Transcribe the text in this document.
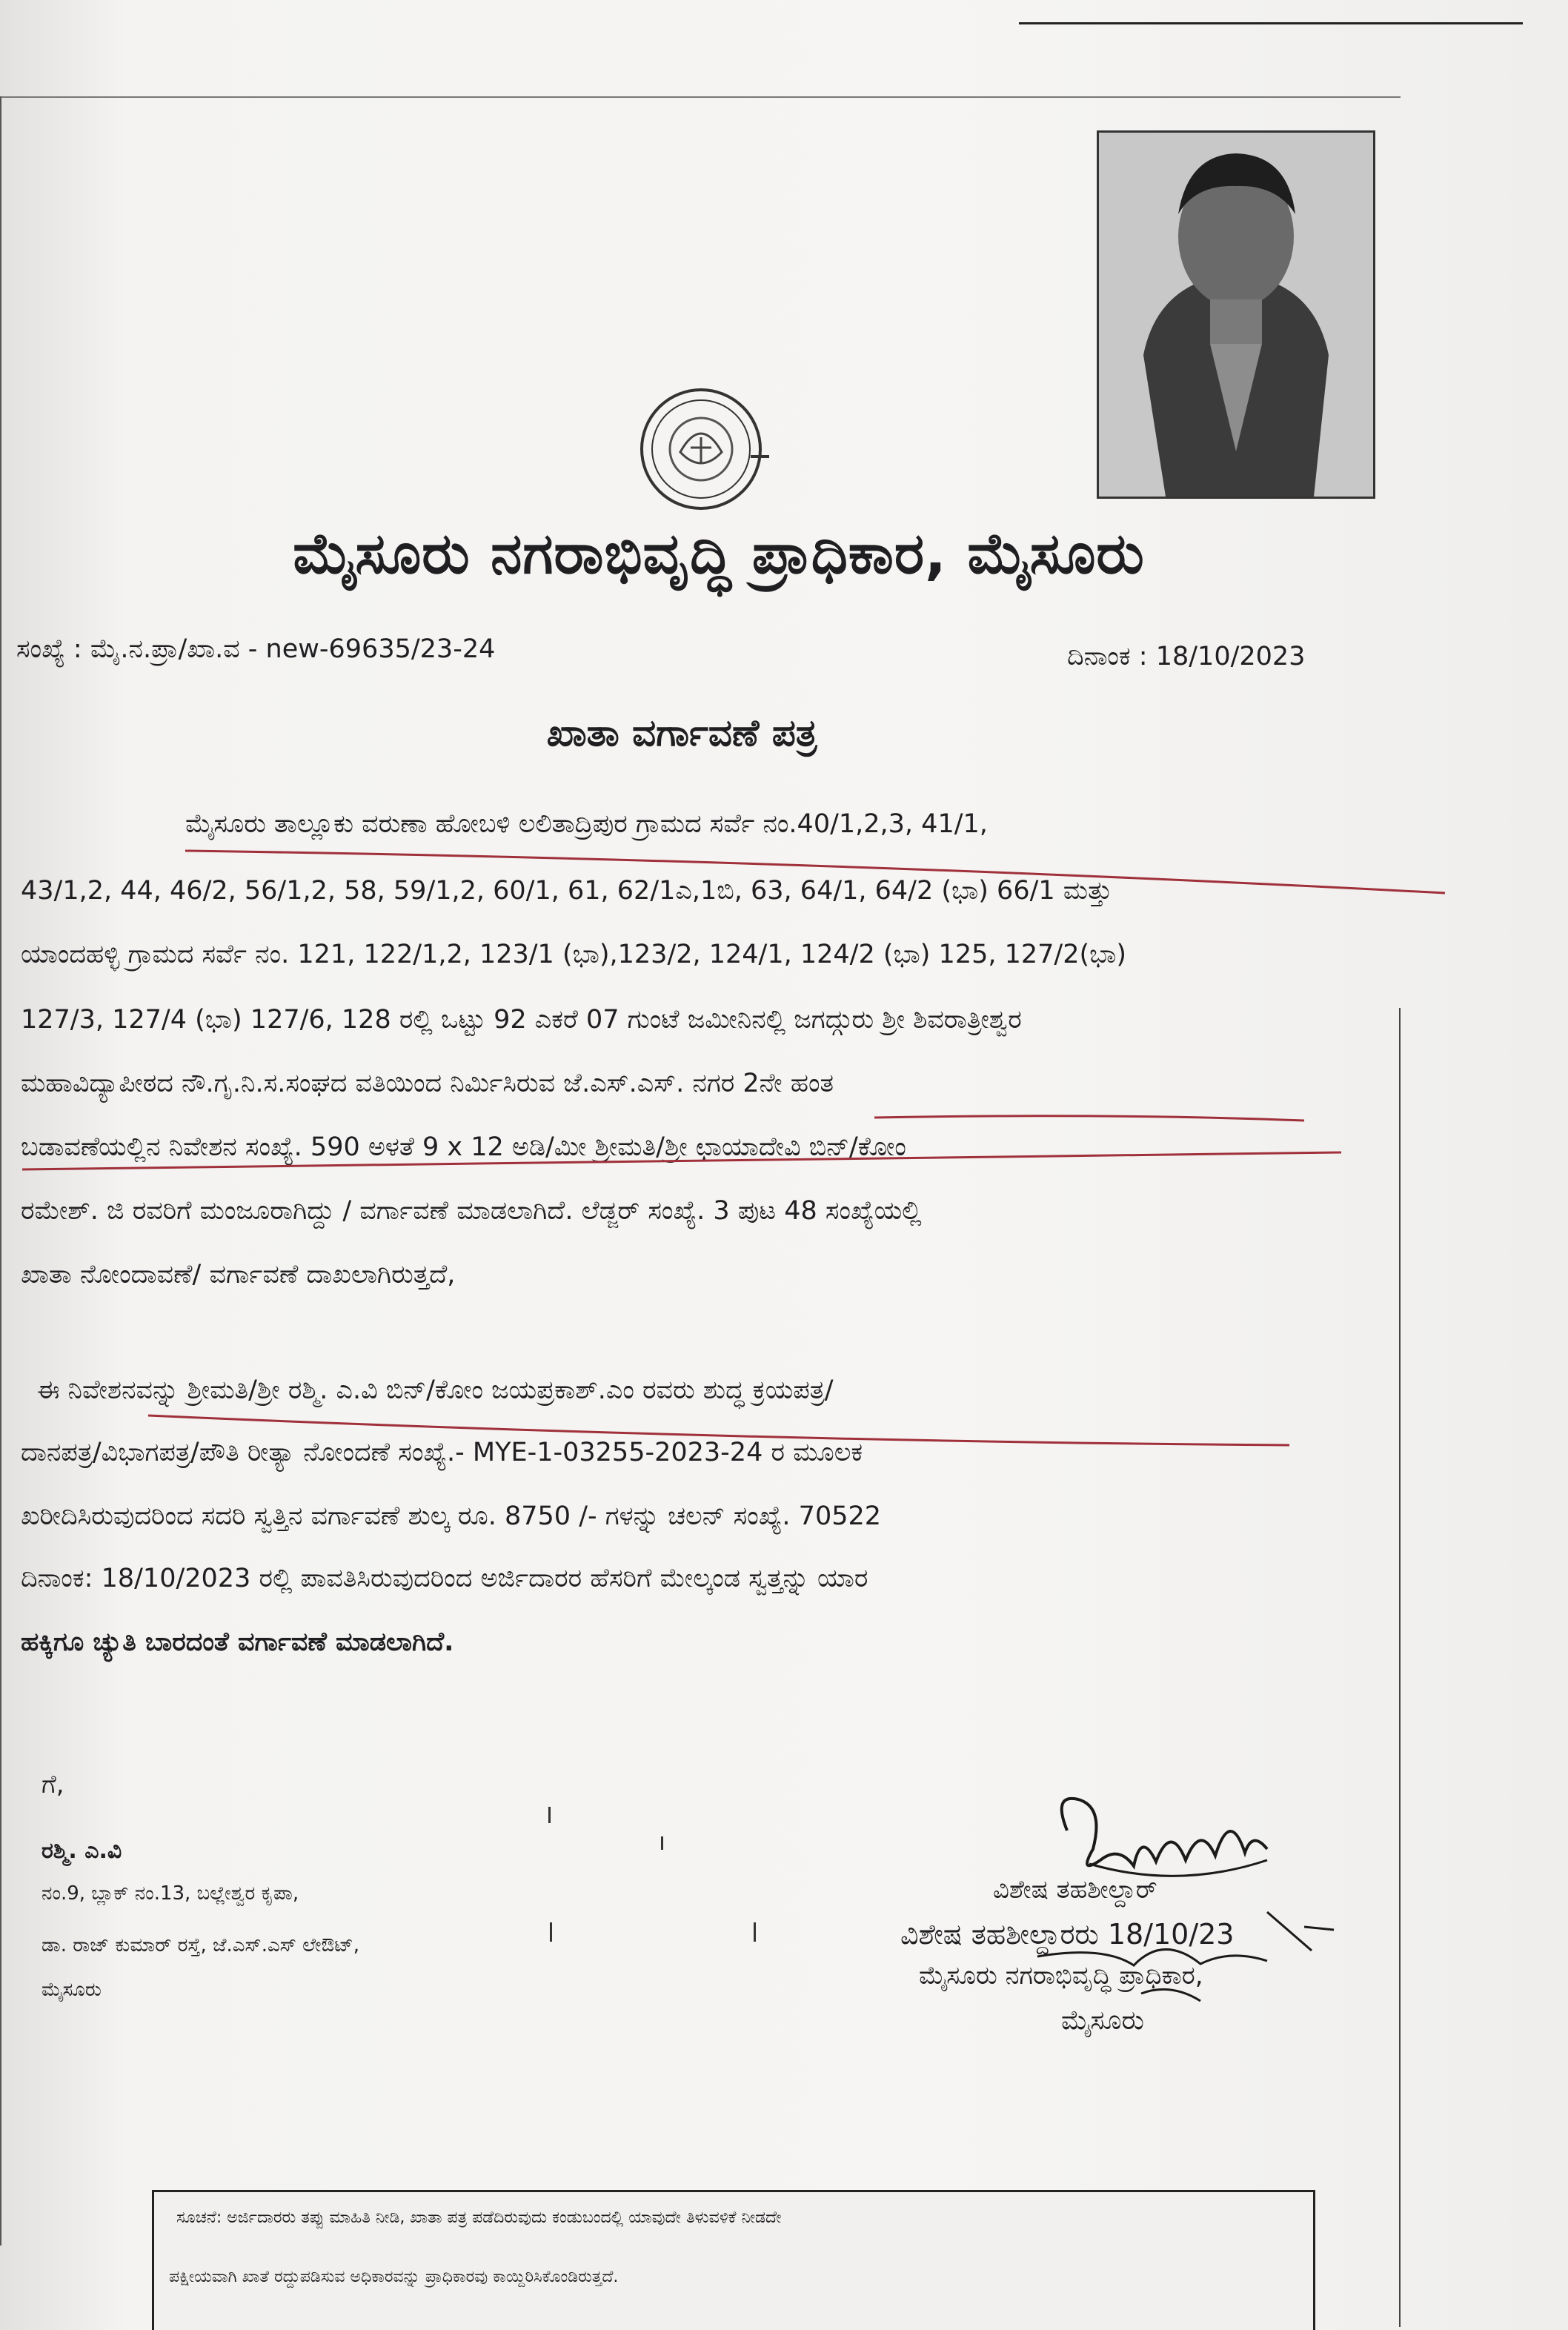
ಮೈಸೂರು ನಗರಾಭಿವೃದ್ಧಿ ಪ್ರಾಧಿಕಾರ, ಮೈಸೂರು
ಸಂಖ್ಯೆ : ಮೈ.ನ.ಪ್ರಾ/ಖಾ.ವ - new-69635/23-24	ದಿನಾಂಕ : 18/10/2023
ಖಾತಾ ವರ್ಗಾವಣೆ ಪತ್ರ
ಮೈಸೂರು ತಾಲ್ಲೂಕು ವರುಣಾ ಹೋಬಳಿ ಲಲಿತಾದ್ರಿಪುರ ಗ್ರಾಮದ ಸರ್ವೆ ನಂ.40/1,2,3, 41/1,
43/1,2, 44, 46/2, 56/1,2, 58, 59/1,2, 60/1, 61, 62/1ಎ,1ಬಿ, 63, 64/1, 64/2 (ಭಾ) 66/1 ಮತ್ತು
ಯಾಂದಹಳ್ಳಿ ಗ್ರಾಮದ ಸರ್ವೆ ನಂ. 121, 122/1,2, 123/1 (ಭಾ),123/2, 124/1, 124/2 (ಭಾ) 125, 127/2(ಭಾ)
127/3, 127/4 (ಭಾ) 127/6, 128 ರಲ್ಲಿ ಒಟ್ಟು 92 ಎಕರೆ 07 ಗುಂಟೆ ಜಮೀನಿನಲ್ಲಿ ಜಗದ್ಗುರು ಶ್ರೀ ಶಿವರಾತ್ರೀಶ್ವರ
ಮಹಾವಿದ್ಯಾಪೀಠದ ನೌ.ಗೃ.ನಿ.ಸ.ಸಂಘದ ವತಿಯಿಂದ ನಿರ್ಮಿಸಿರುವ ಜೆ.ಎಸ್.ಎಸ್. ನಗರ 2ನೇ ಹಂತ
ಬಡಾವಣೆಯಲ್ಲಿನ ನಿವೇಶನ ಸಂಖ್ಯೆ. 590 ಅಳತೆ 9 x 12 ಅಡಿ/ಮೀ ಶ್ರೀಮತಿ/ಶ್ರೀ ಛಾಯಾದೇವಿ ಬಿನ್/ಕೋಂ
ರಮೇಶ್. ಜಿ ರವರಿಗೆ ಮಂಜೂರಾಗಿದ್ದು / ವರ್ಗಾವಣೆ ಮಾಡಲಾಗಿದೆ. ಲೆಡ್ಜರ್ ಸಂಖ್ಯೆ. 3 ಪುಟ 48 ಸಂಖ್ಯೆಯಲ್ಲಿ
ಖಾತಾ ನೋಂದಾವಣೆ/ ವರ್ಗಾವಣೆ ದಾಖಲಾಗಿರುತ್ತದೆ,
ಈ ನಿವೇಶನವನ್ನು ಶ್ರೀಮತಿ/ಶ್ರೀ ರಶ್ಮಿ. ಎ.ವಿ ಬಿನ್/ಕೋಂ ಜಯಪ್ರಕಾಶ್.ಎಂ ರವರು ಶುದ್ಧ ಕ್ರಯಪತ್ರ/
ದಾನಪತ್ರ/ವಿಭಾಗಪತ್ರ/ಪೌತಿ ರೀತ್ಯಾ ನೋಂದಣೆ ಸಂಖ್ಯೆ.- MYE-1-03255-2023-24 ರ ಮೂಲಕ
ಖರೀದಿಸಿರುವುದರಿಂದ ಸದರಿ ಸ್ವತ್ತಿನ ವರ್ಗಾವಣೆ ಶುಲ್ಕ ರೂ. 8750 /- ಗಳನ್ನು ಚಲನ್ ಸಂಖ್ಯೆ. 70522
ದಿನಾಂಕ: 18/10/2023 ರಲ್ಲಿ ಪಾವತಿಸಿರುವುದರಿಂದ ಅರ್ಜಿದಾರರ ಹೆಸರಿಗೆ ಮೇಲ್ಕಂಡ ಸ್ವತ್ತನ್ನು ಯಾರ
ಹಕ್ಕಿಗೂ ಚ್ಯುತಿ ಬಾರದಂತೆ ವರ್ಗಾವಣೆ ಮಾಡಲಾಗಿದೆ.
ಗೆ,
ರಶ್ಮಿ. ಎ.ವಿ
ನಂ.9, ಬ್ಲಾಕ್ ನಂ.13, ಬಲ್ಲೇಶ್ವರ ಕೃಪಾ,
ಡಾ. ರಾಜ್ ಕುಮಾರ್ ರಸ್ತೆ, ಜೆ.ಎಸ್.ಎಸ್ ಲೇಔಟ್,
ಮೈಸೂರು
ವಿಶೇಷ ತಹಶೀಲ್ದಾರ್
ವಿಶೇಷ ತಹಶೀಲ್ದಾರರು 18/10/23
ಮೈಸೂರು ನಗರಾಭಿವೃದ್ಧಿ ಪ್ರಾಧಿಕಾರ,
ಮೈಸೂರು
ಸೂಚನೆ: ಅರ್ಜಿದಾರರು ತಪ್ಪು ಮಾಹಿತಿ ನೀಡಿ, ಖಾತಾ ಪತ್ರ ಪಡೆದಿರುವುದು ಕಂಡುಬಂದಲ್ಲಿ ಯಾವುದೇ ತಿಳುವಳಿಕೆ ನೀಡದೇ
ಪಕ್ಷೀಯವಾಗಿ ಖಾತೆ ರದ್ದುಪಡಿಸುವ ಅಧಿಕಾರವನ್ನು ಪ್ರಾಧಿಕಾರವು ಕಾಯ್ದಿರಿಸಿಕೊಂಡಿರುತ್ತದೆ.
